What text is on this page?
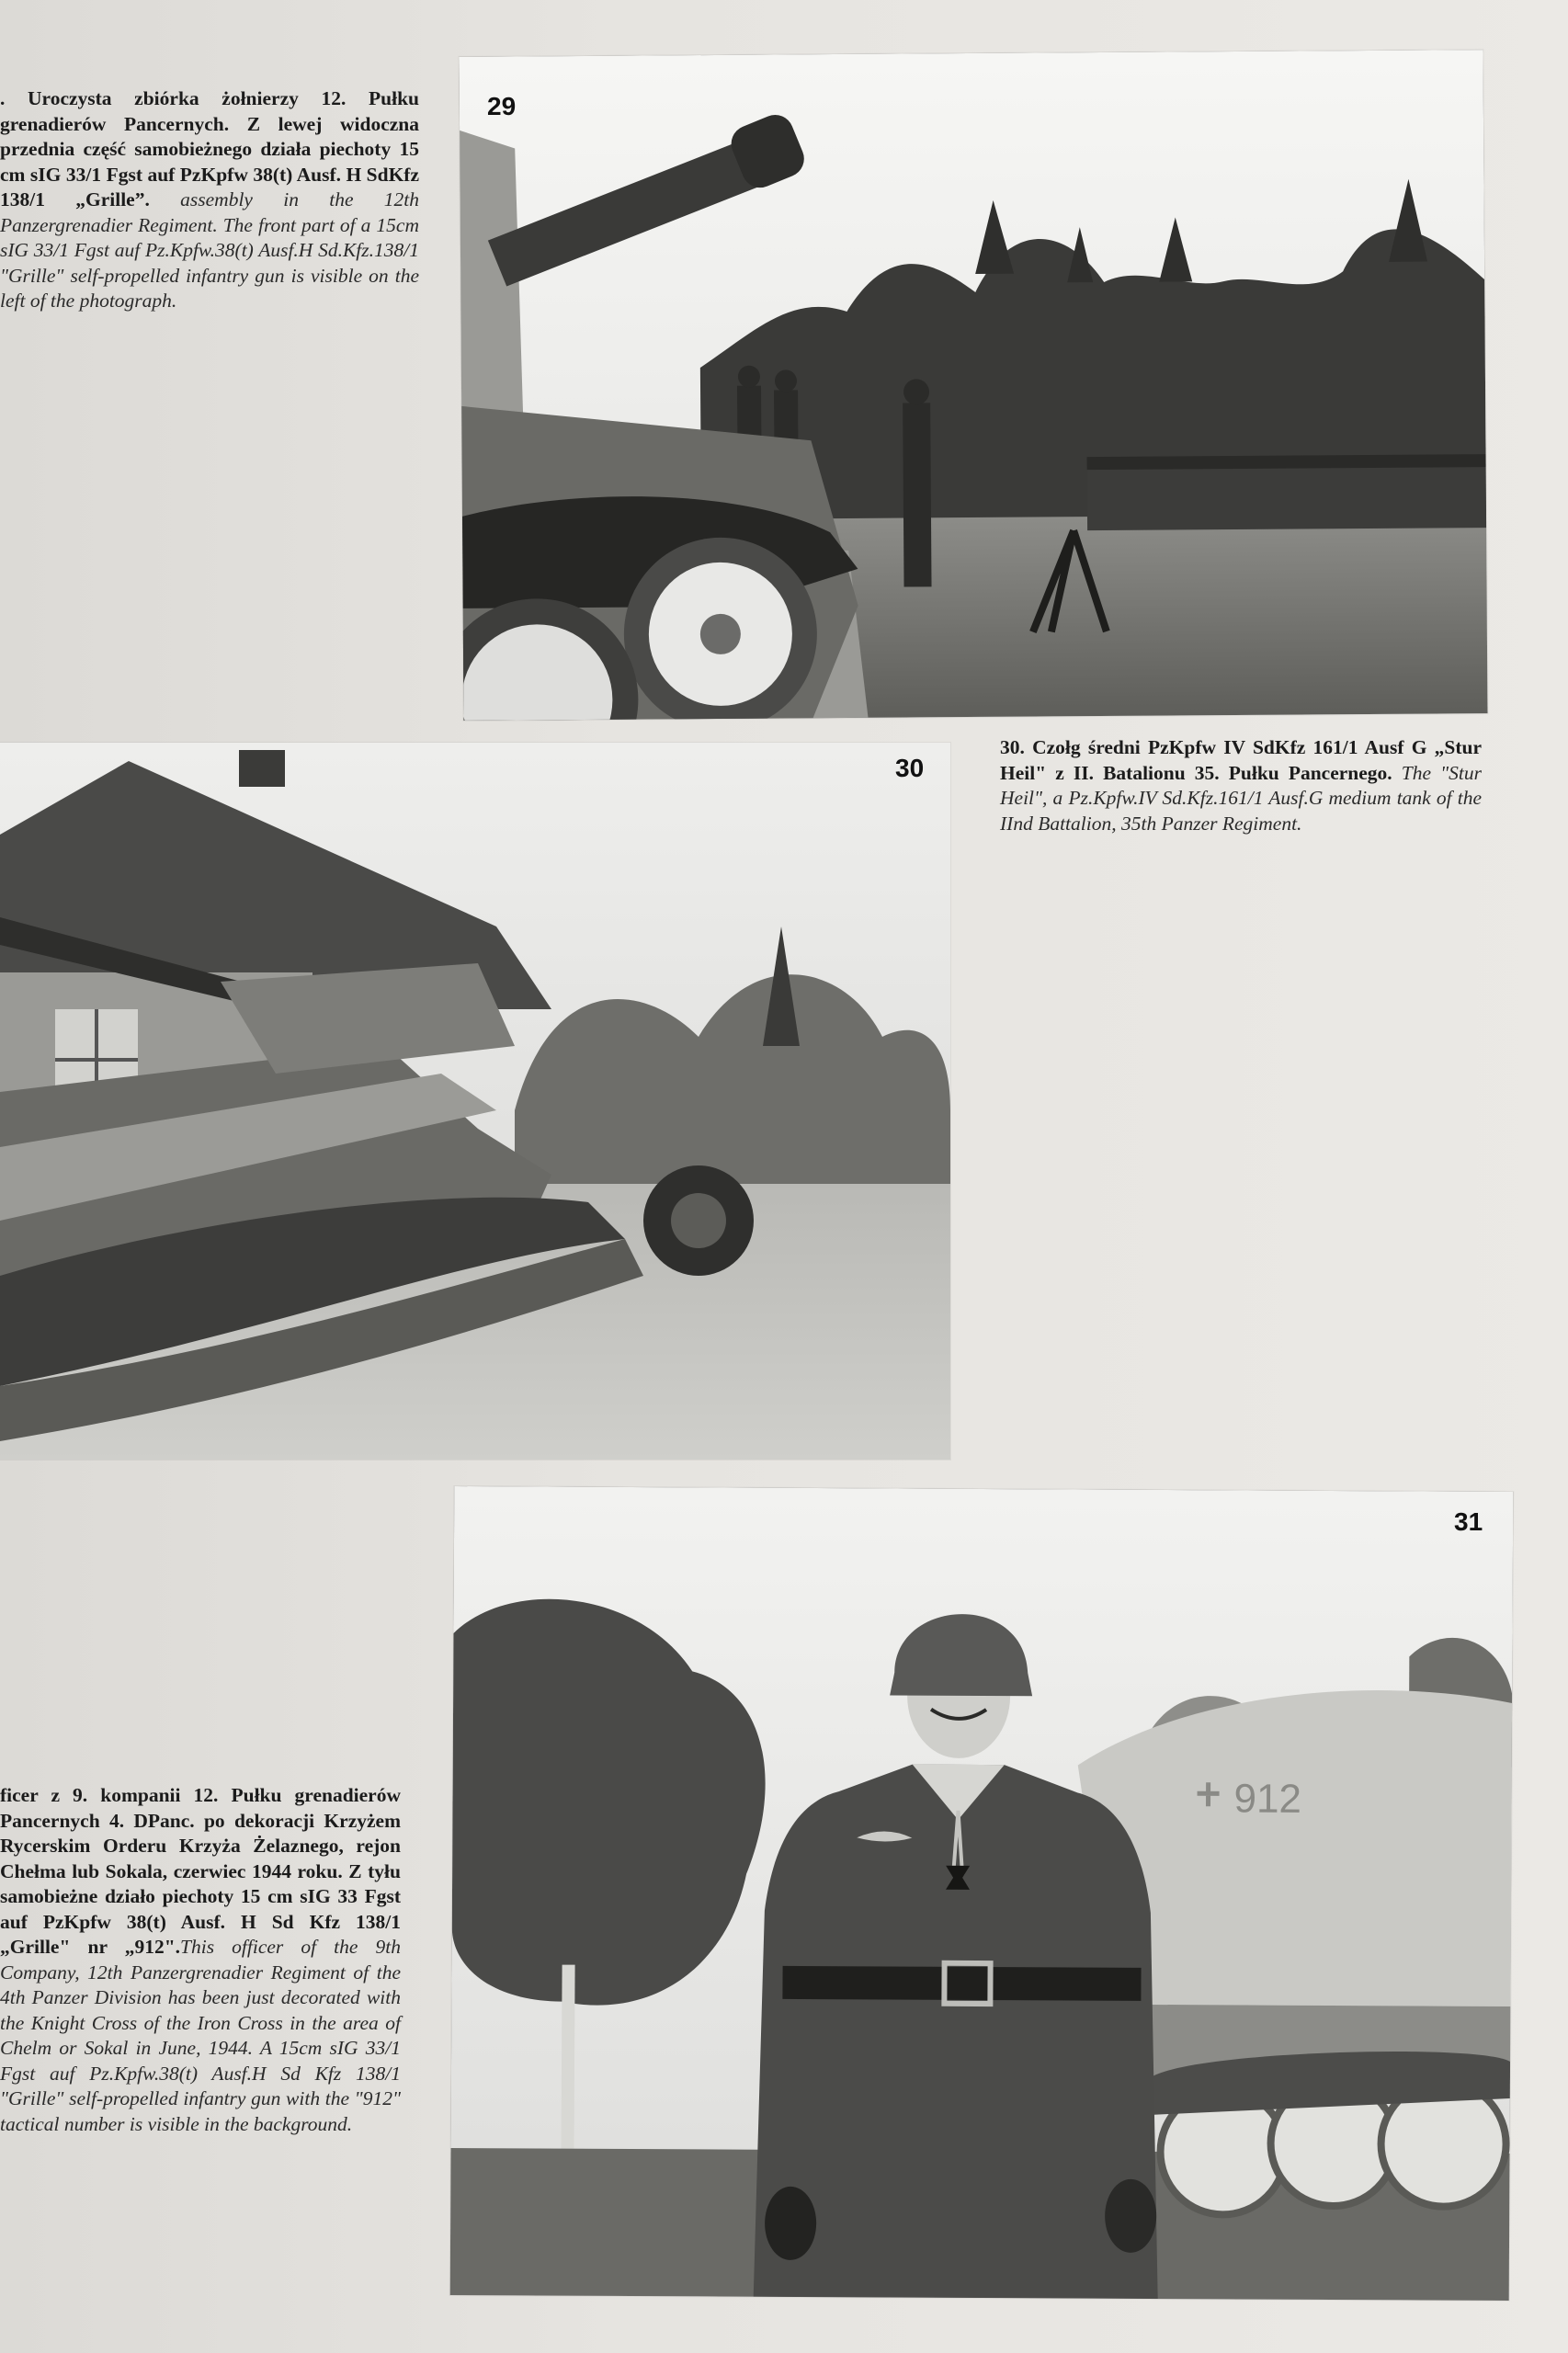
. Uroczysta zbiórka żołnierzy 12. Pułku grenadierów Pancernych. Z lewej widoczna przednia część samobieżnego działa piechoty 15 cm sIG 33/1 Fgst auf PzKpfw 38(t) Ausf. H SdKfz 138/1 „Grille”. assembly in the 12th Panzergrenadier Regiment. The front part of a 15cm sIG 33/1 Fgst auf Pz.Kpfw.38(t) Ausf.H Sd.Kfz.138/1 "Grille" self-propelled infantry gun is visible on the left of the photograph.
30. Czołg średni PzKpfw IV SdKfz 161/1 Ausf G „Stur Heil" z II. Batalionu 35. Pułku Pancernego. The "Stur Heil", a Pz.Kpfw.IV Sd.Kfz.161/1 Ausf.G medium tank of the IInd Battalion, 35th Panzer Regiment.
ficer z 9. kompanii 12. Pułku grenadierów Pancernych 4. DPanc. po dekoracji Krzyżem Rycerskim Orderu Krzyża Żelaznego, rejon Chełma lub Sokala, czerwiec 1944 roku. Z tyłu samobieżne działo piechoty 15 cm sIG 33 Fgst auf PzKpfw 38(t) Ausf. H Sd Kfz 138/1 „Grille" nr „912".This officer of the 9th Company, 12th Panzergrenadier Regiment of the 4th Panzer Division has been just decorated with the Knight Cross of the Iron Cross in the area of Chelm or Sokal in June, 1944. A 15cm sIG 33/1 Fgst auf Pz.Kpfw.38(t) Ausf.H Sd Kfz 138/1 "Grille" self-propelled infantry gun with the "912" tactical number is visible in the background.
29
30
912
31
